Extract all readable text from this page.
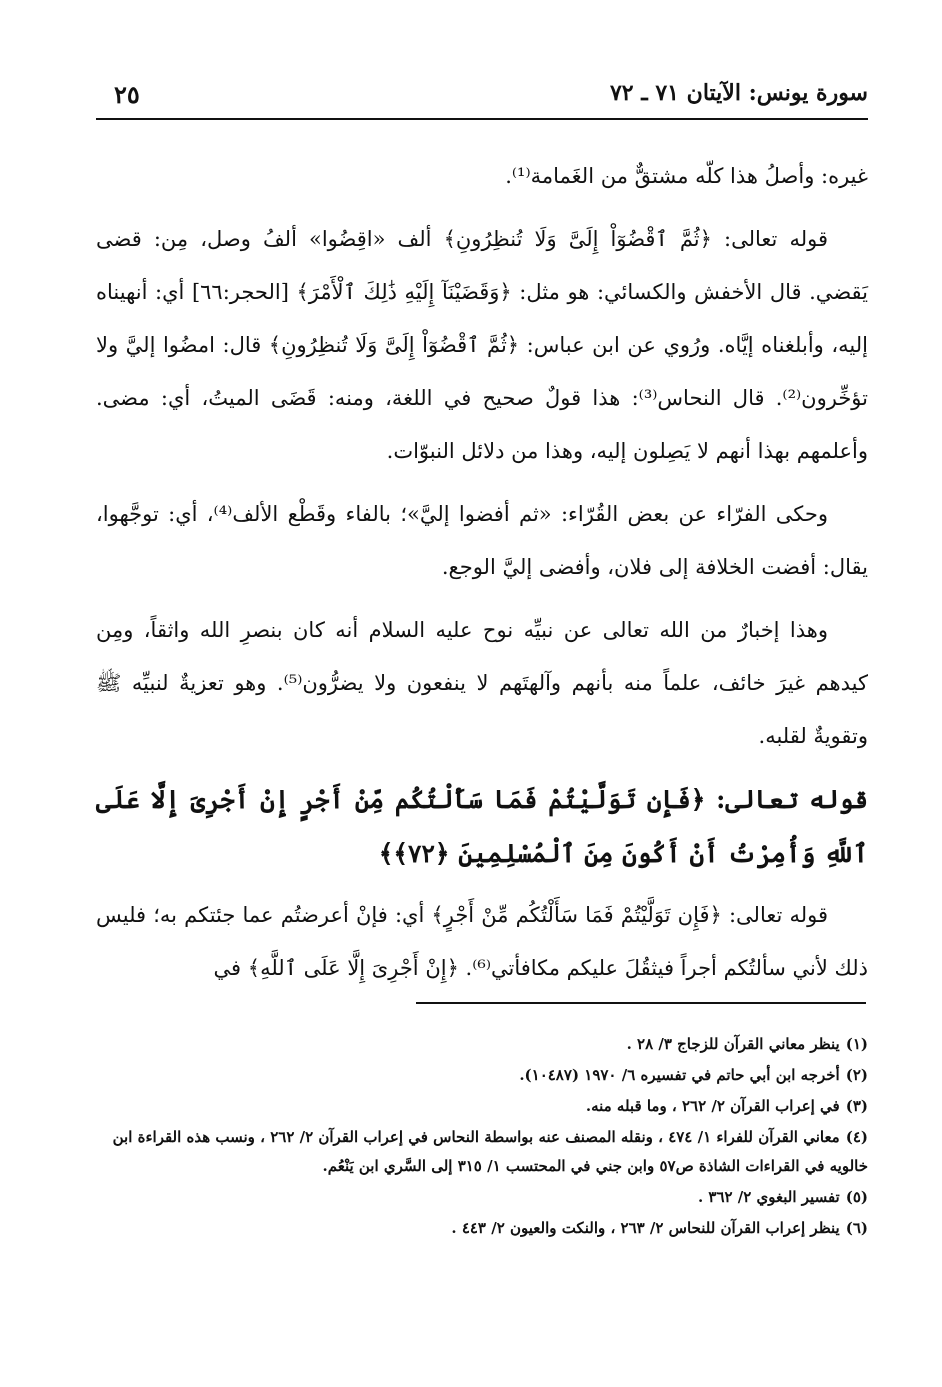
سورة يونس: الآيتان ٧١ ـ ٧٢
٢٥

غيره: وأصلُ هذا كلّه مشتقٌّ من الغَمامة⁽¹⁾.

قوله تعالى: ﴿ثُمَّ ٱقْضُوٓاْ إِلَىَّ وَلَا تُنظِرُونِ﴾ ألف «اقِضُوا» ألفُ وصل، مِن: قضى يَقضي. قال الأخفش والكسائي: هو مثل: ﴿وَقَضَيْنَآ إِلَيْهِ ذَٰلِكَ ٱلْأَمْرَ﴾ [الحجر:٦٦] أي: أنهيناه إليه، وأبلغناه إيَّاه. ورُوي عن ابن عباس: ﴿ثُمَّ ٱقْضُوٓاْ إِلَىَّ وَلَا تُنظِرُونِ﴾ قال: امضُوا إليَّ ولا تؤخِّرون⁽²⁾. قال النحاس⁽³⁾: هذا قولٌ صحيح في اللغة، ومنه: قَضَى الميتُ، أي: مضى. وأعلمهم بهذا أنهم لا يَصِلون إليه، وهذا من دلائل النبوّات.

وحكى الفرّاء عن بعض القُرّاء: «ثم أفضوا إليَّ»؛ بالفاء وقَطْع الألف⁽⁴⁾، أي: توجَّهوا، يقال: أفضت الخلافة إلى فلان، وأفضى إليَّ الوجع.

وهذا إخبارٌ من الله تعالى عن نبيِّه نوح عليه السلام أنه كان بنصرِ الله واثقاً، ومِن كيدهم غيرَ خائف، علماً منه بأنهم وآلهتَهم لا ينفعون ولا يضرُّون⁽⁵⁾. وهو تعزيةٌ لنبيِّه ﷺ وتقويةٌ لقلبه.

قوله تعالى: ﴿فَإِن تَوَلَّيْتُمْ فَمَا سَأَلْتُكُم مِّنْ أَجْرٍ إِنْ أَجْرِىَ إِلَّا عَلَى ٱللَّهِ وَأُمِرْتُ أَنْ أَكُونَ مِنَ ٱلْمُسْلِمِينَ ﴿٧٢﴾﴾

قوله تعالى: ﴿فَإِن تَوَلَّيْتُمْ فَمَا سَأَلْتُكُم مِّنْ أَجْرٍ﴾ أي: فإنْ أعرضتُم عما جئتكم به؛ فليس ذلك لأني سألتُكم أجراً فيثقُلَ عليكم مكافأتي⁽⁶⁾. ﴿إِنْ أَجْرِىَ إِلَّا عَلَى ٱللَّهِ﴾ في

(١)ينظر معاني القرآن للزجاج ٣/ ٢٨ .
(٢)أخرجه ابن أبي حاتم في تفسيره ٦/ ١٩٧٠ (١٠٤٨٧).
(٣)في إعراب القرآن ٢/ ٢٦٢ ، وما قبله منه.
(٤)معاني القرآن للفراء ١/ ٤٧٤ ، ونقله المصنف عنه بواسطة النحاس في إعراب القرآن ٢/ ٢٦٢ ، ونسب هذه القراءة ابن خالويه في القراءات الشاذة ص٥٧ وابن جني في المحتسب ١/ ٣١٥ إلى السَّري ابن يَنْعُم.
(٥)تفسير البغوي ٢/ ٣٦٢ .
(٦)ينظر إعراب القرآن للنحاس ٢/ ٢٦٣ ، والنكت والعيون ٢/ ٤٤٣ .
